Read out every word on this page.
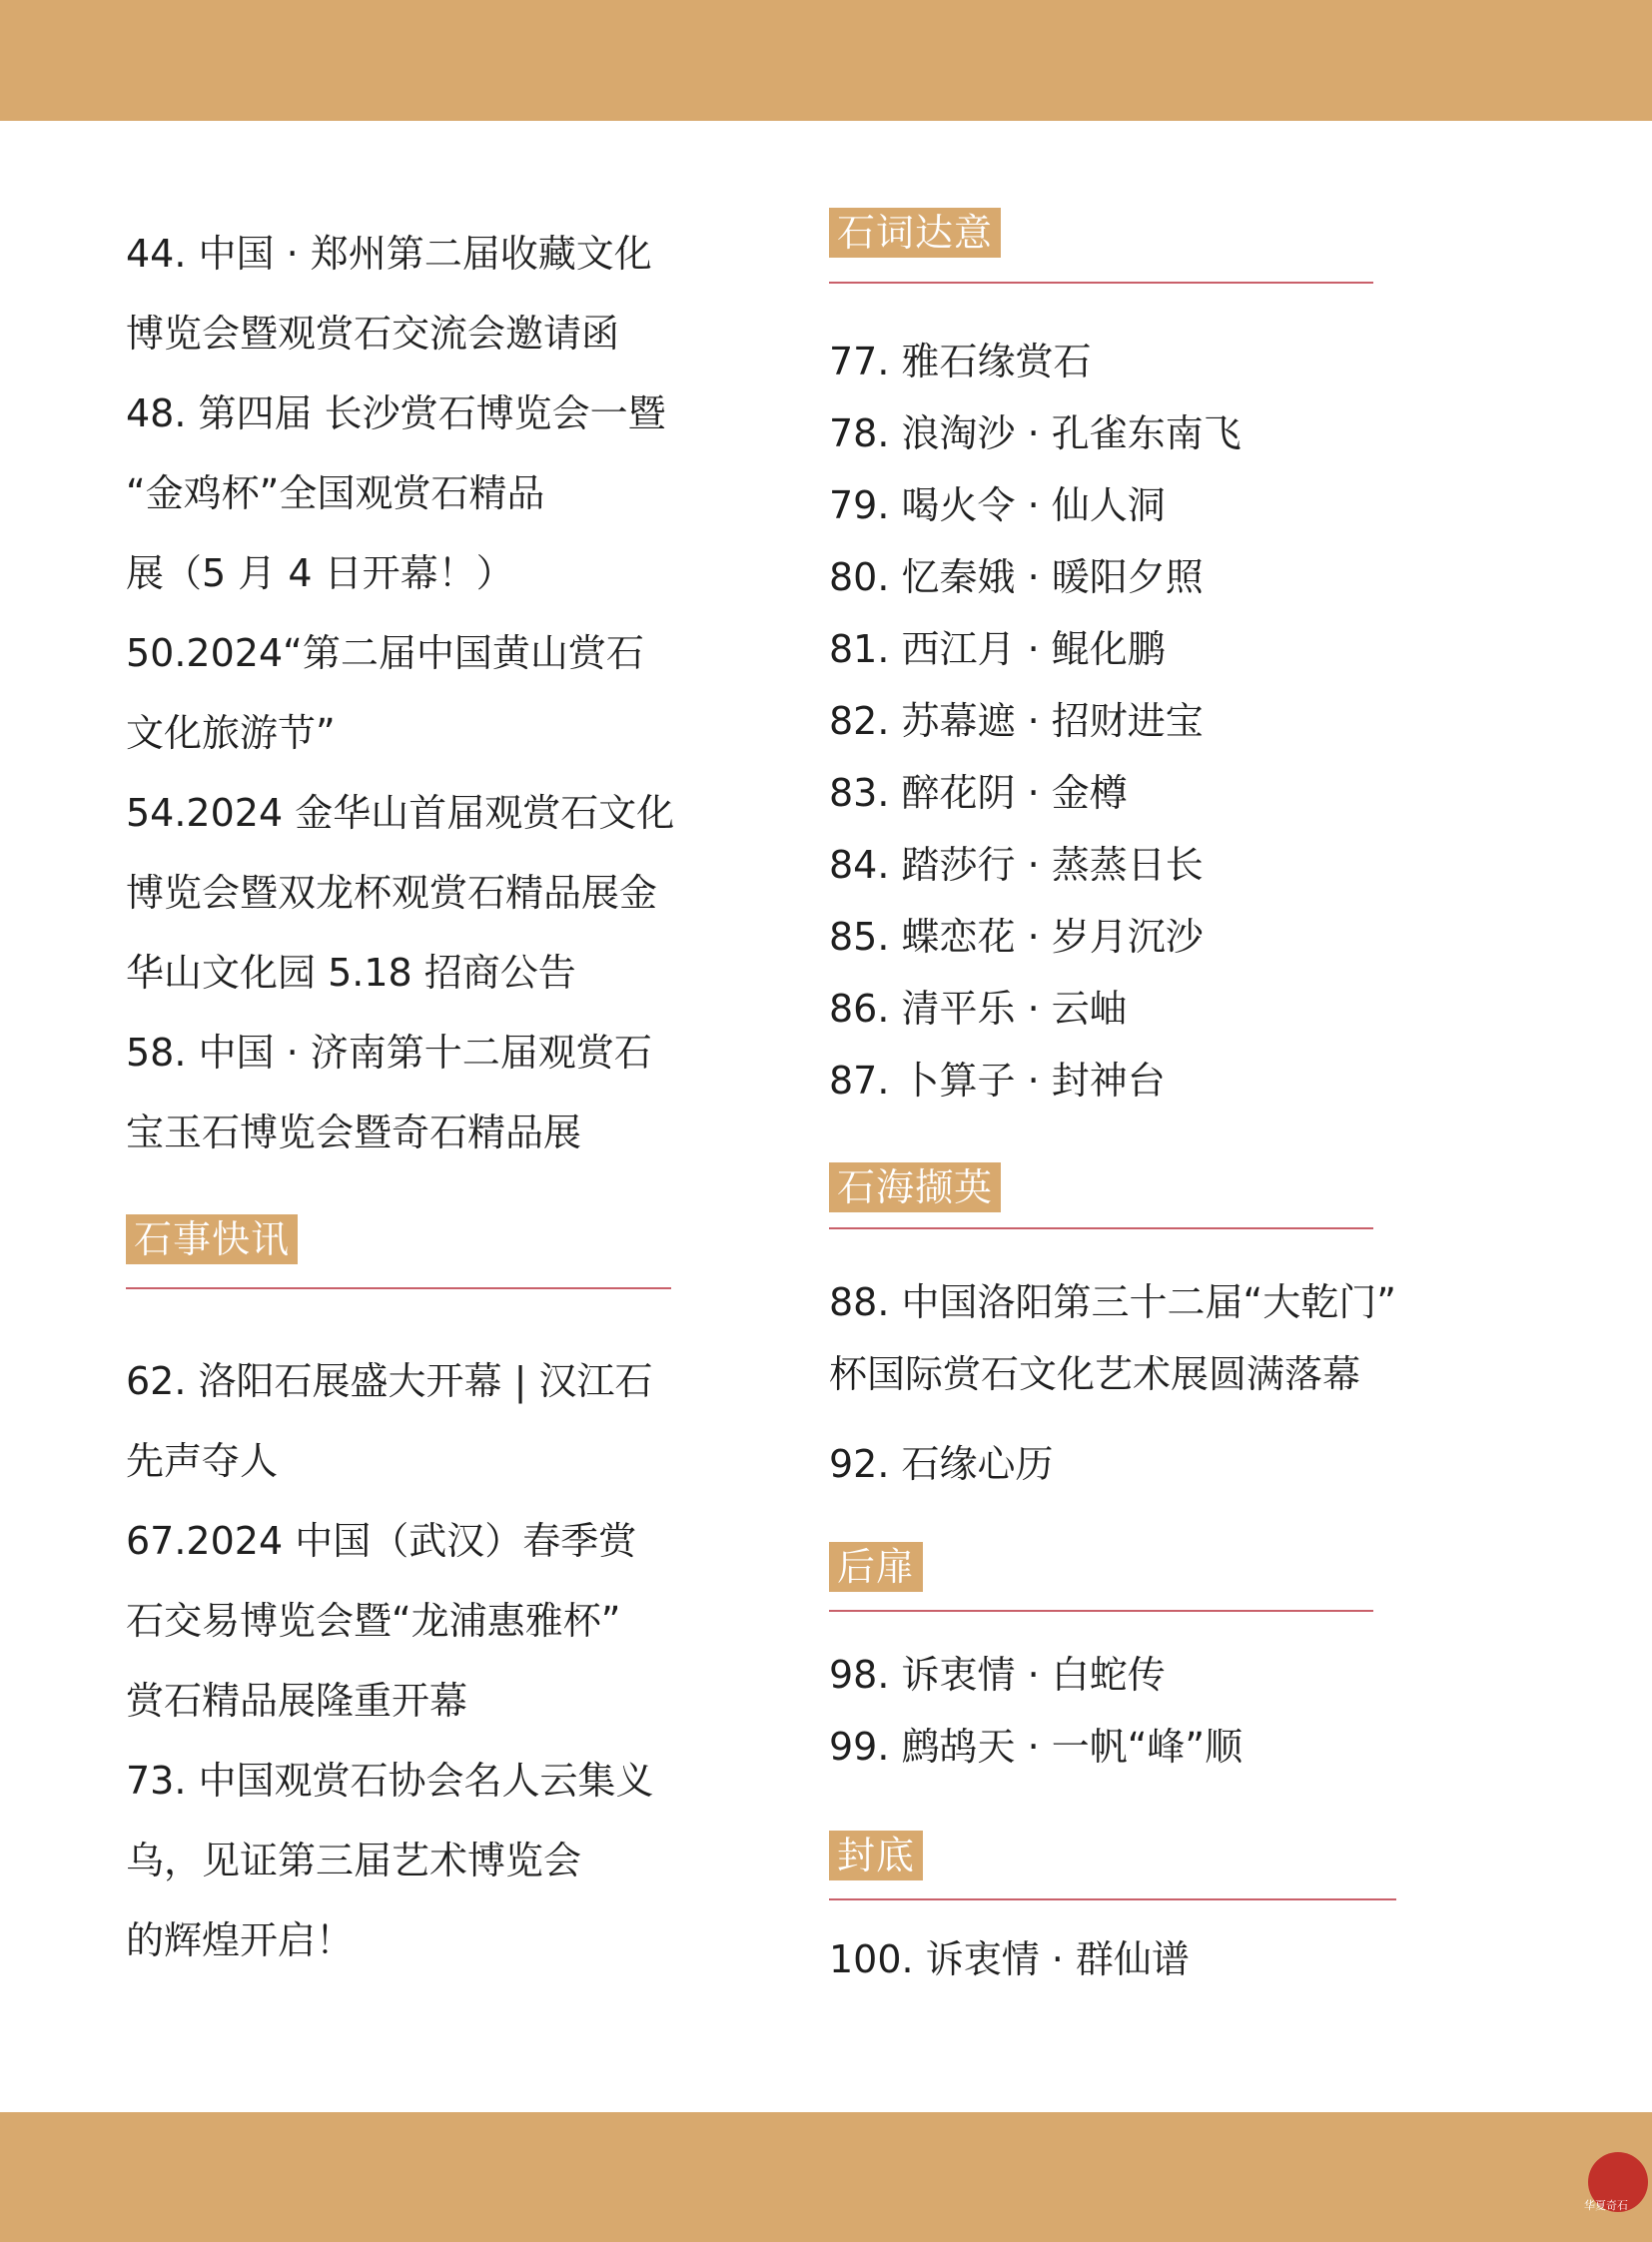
44. 中国 · 郑州第二届收藏文化
博览会暨观赏石交流会邀请函
48. 第四届 长沙赏石博览会一暨
“金鸡杯”全国观赏石精品
展（5 月 4 日开幕！）
50.2024“第二届中国黄山赏石
文化旅游节”
54.2024 金华山首届观赏石文化
博览会暨双龙杯观赏石精品展金
华山文化园 5.18 招商公告
58. 中国 · 济南第十二届观赏石
宝玉石博览会暨奇石精品展
石事快讯
62. 洛阳石展盛大开幕 | 汉江石
先声夺人
67.2024 中国（武汉）春季赏
石交易博览会暨“龙浦惠雅杯”
赏石精品展隆重开幕
73. 中国观赏石协会名人云集义
乌，见证第三届艺术博览会
的辉煌开启！
石词达意
77. 雅石缘赏石
78. 浪淘沙 · 孔雀东南飞
79. 喝火令 · 仙人洞
80. 忆秦娥 · 暖阳夕照
81. 西江月 · 鲲化鹏
82. 苏幕遮 · 招财进宝
83. 醉花阴 · 金樽
84. 踏莎行 · 蒸蒸日长
85. 蝶恋花 · 岁月沉沙
86. 清平乐 · 云岫
87. 卜算子 · 封神台
石海撷英
88. 中国洛阳第三十二届“大乾门”
杯国际赏石文化艺术展圆满落幕
92. 石缘心历
后扉
98. 诉衷情 · 白蛇传
99. 鹧鸪天 · 一帆“峰”顺
封底
100. 诉衷情 · 群仙谱
华夏奇石
